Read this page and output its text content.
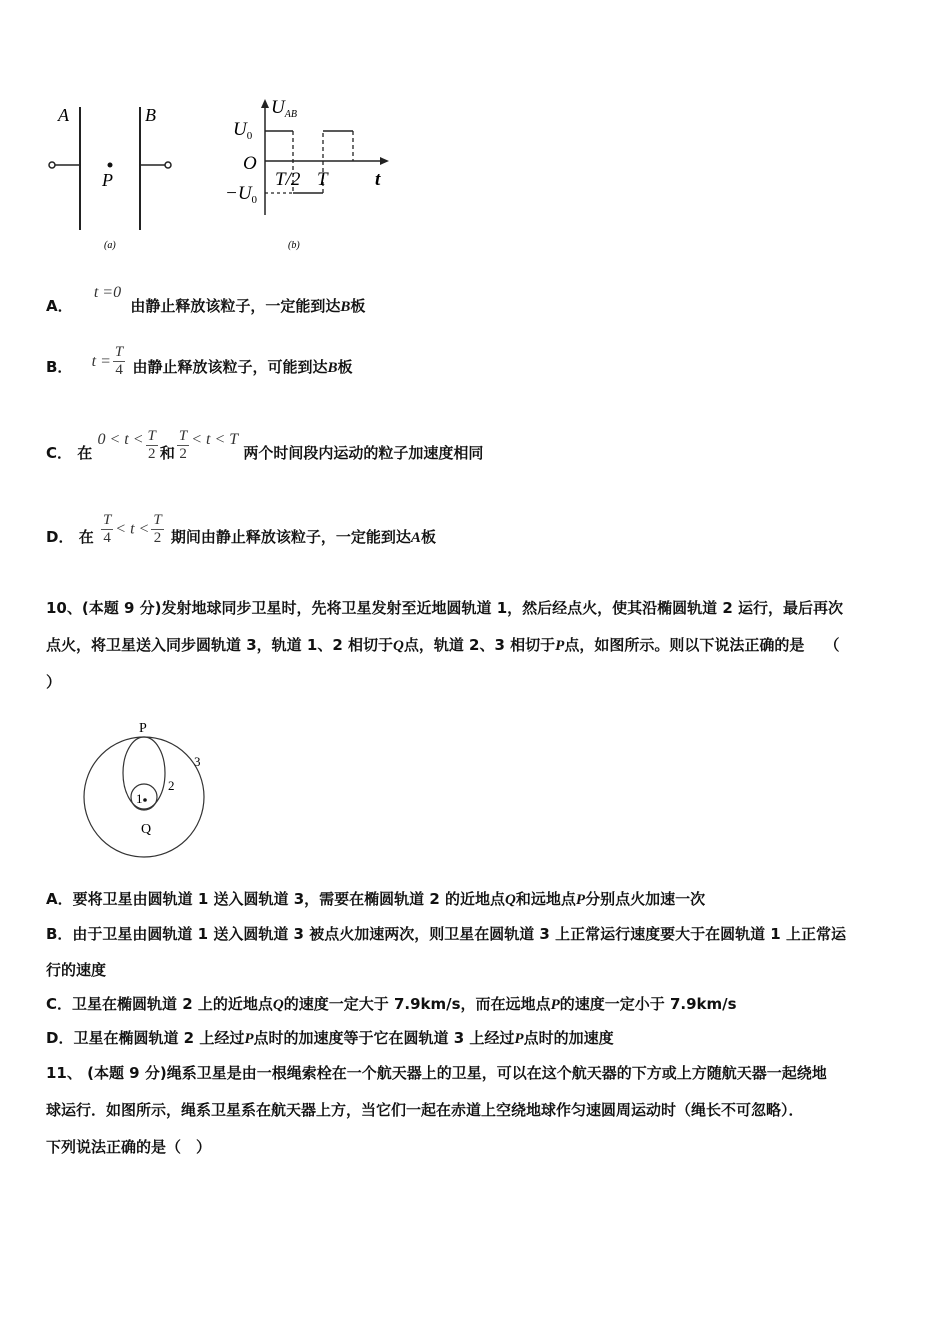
A	B
P
(a)
$U_{AB}$
$U_0$
O
T/2 T t
$-U_0$
(b)
A． t =0 由静止释放该粒子，一定能到达B板
B． $t = \frac{T}{4}$ 由静止释放该粒子，可能到达B板
C． 在 $0 < t < \frac{T}{2}$ 和 $\frac{T}{2} < t < T$ 两个时间段内运动的粒子加速度相同
D． 在 $\frac{T}{4} < t < \frac{T}{2}$ 期间由静止释放该粒子，一定能到达A板
10、(本题 9 分)发射地球同步卫星时，先将卫星发射至近地圆轨道 1，然后经点火，使其沿椭圆轨道 2 运行，最后再次
点火，将卫星送入同步圆轨道 3，轨道 1、2 相切于Q点，轨道 2、3 相切于P点，如图所示。则以下说法正确的是　 （
）
P
Q
1
2
3
A．要将卫星由圆轨道 1 送入圆轨道 3，需要在椭圆轨道 2 的近地点Q和远地点P分别点火加速一次
B．由于卫星由圆轨道 1 送入圆轨道 3 被点火加速两次，则卫星在圆轨道 3 上正常运行速度要大于在圆轨道 1 上正常运
行的速度
C．卫星在椭圆轨道 2 上的近地点Q的速度一定大于 7.9km/s，而在远地点P的速度一定小于 7.9km/s
D．卫星在椭圆轨道 2 上经过P点时的加速度等于它在圆轨道 3 上经过P点时的加速度
11、 (本题 9 分)绳系卫星是由一根绳索栓在一个航天器上的卫星，可以在这个航天器的下方或上方随航天器一起绕地
球运行．如图所示，绳系卫星系在航天器上方，当它们一起在赤道上空绕地球作匀速圆周运动时（绳长不可忽略）．
下列说法正确的是（　）
